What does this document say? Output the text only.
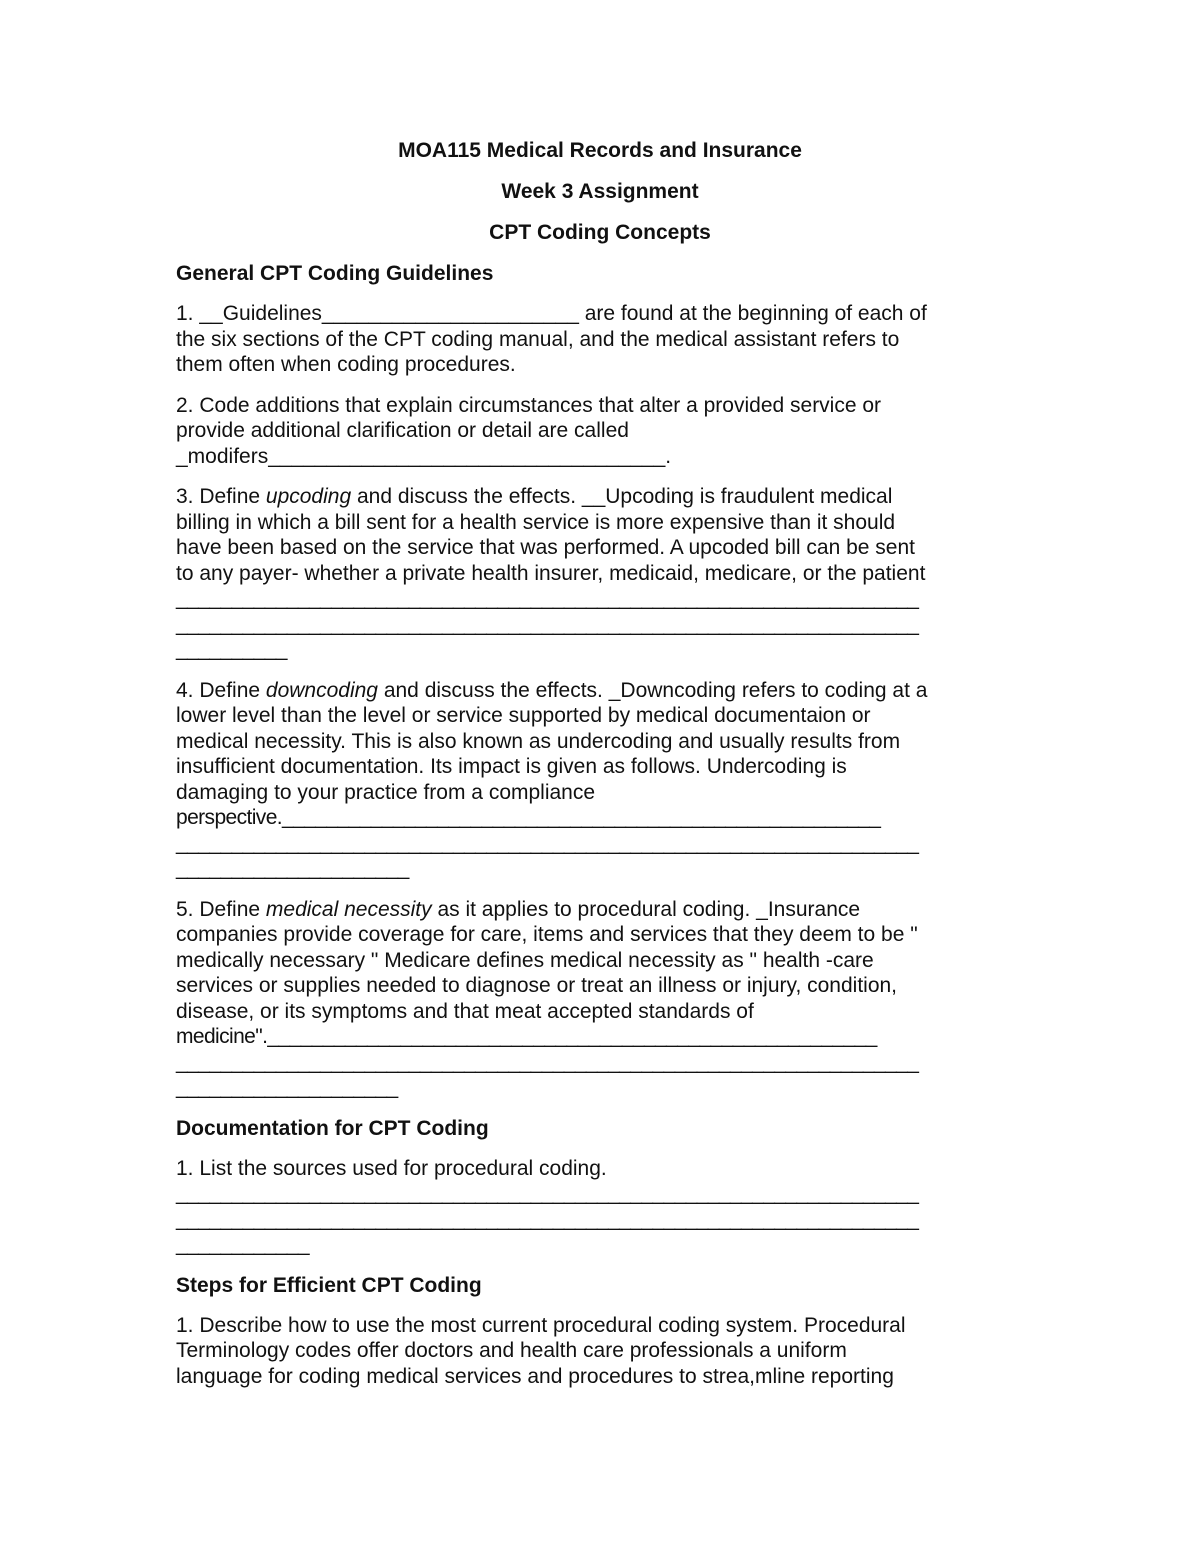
MOA115 Medical Records and Insurance
Week 3 Assignment
CPT Coding Concepts
General CPT Coding Guidelines
1. __Guidelines______________________ are found at the beginning of each of
the six sections of the CPT coding manual, and the medical assistant refers to
them often when coding procedures.
2. Code additions that explain circumstances that alter a provided service or
provide additional clarification or detail are called
_modifers__________________________________.
3. Define upcoding and discuss the effects. __Upcoding is fraudulent medical
billing in which a bill sent for a health service is more expensive than it should
have been based on the service that was performed. A upcoded bill can be sent
to any payer- whether a private health insurer, medicaid, medicare, or the patient
___________________________________________________________________
___________________________________________________________________
__________
4. Define downcoding and discuss the effects. _Downcoding refers to coding at a
lower level than the level or service supported by medical documentaion or
medical necessity. This is also known as undercoding and usually results from
insufficient documentation. Its impact is given as follows. Undercoding is
damaging to your practice from a compliance
perspective.______________________________________________________
___________________________________________________________________
_____________________
5. Define medical necessity as it applies to procedural coding. _Insurance
companies provide coverage for care, items and services that they deem to be "
medically necessary " Medicare defines medical necessity as " health -care
services or supplies needed to diagnose or treat an illness or injury, condition,
disease, or its symptoms and that meat accepted standards of
medicine"._______________________________________________________
___________________________________________________________________
____________________
Documentation for CPT Coding
1. List the sources used for procedural coding.
___________________________________________________________________
___________________________________________________________________
____________
Steps for Efficient CPT Coding
1. Describe how to use the most current procedural coding system. Procedural
Terminology codes offer doctors and health care professionals a uniform
language for coding medical services and procedures to strea,mline reporting
